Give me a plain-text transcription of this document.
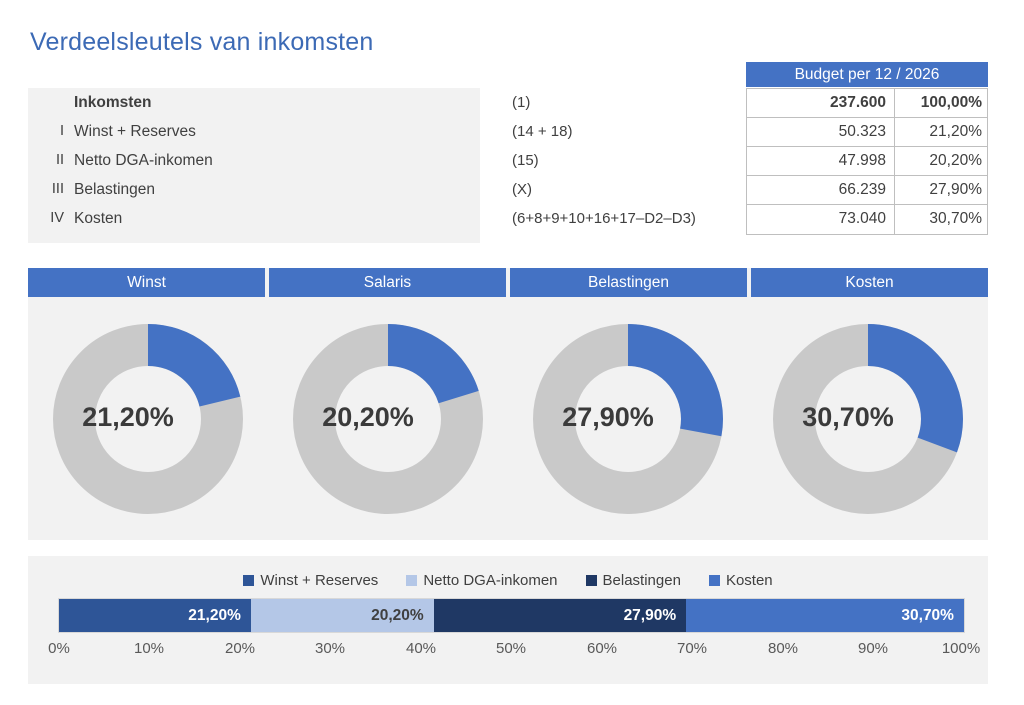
Verdeelsleutels van inkomsten
Budget per 12 / 2026
Inkomsten	(1)	237.600	100,00%
I Winst + Reserves	(14 + 18)	50.323	21,20%
II Netto DGA-inkomen	(15)	47.998	20,20%
III Belastingen	(X)	66.239	27,90%
IV Kosten	(6+8+9+10+16+17–D2–D3)	73.040	30,70%
Winst	Salaris	Belastingen	Kosten
21,20%	20,20%	27,90%	30,70%
Winst + Reserves	Netto DGA-inkomen	Belastingen	Kosten
21,20%	20,20%	27,90%	30,70%
0%	10%	20%	30%	40%	50%	60%	70%	80%	90%	100%
